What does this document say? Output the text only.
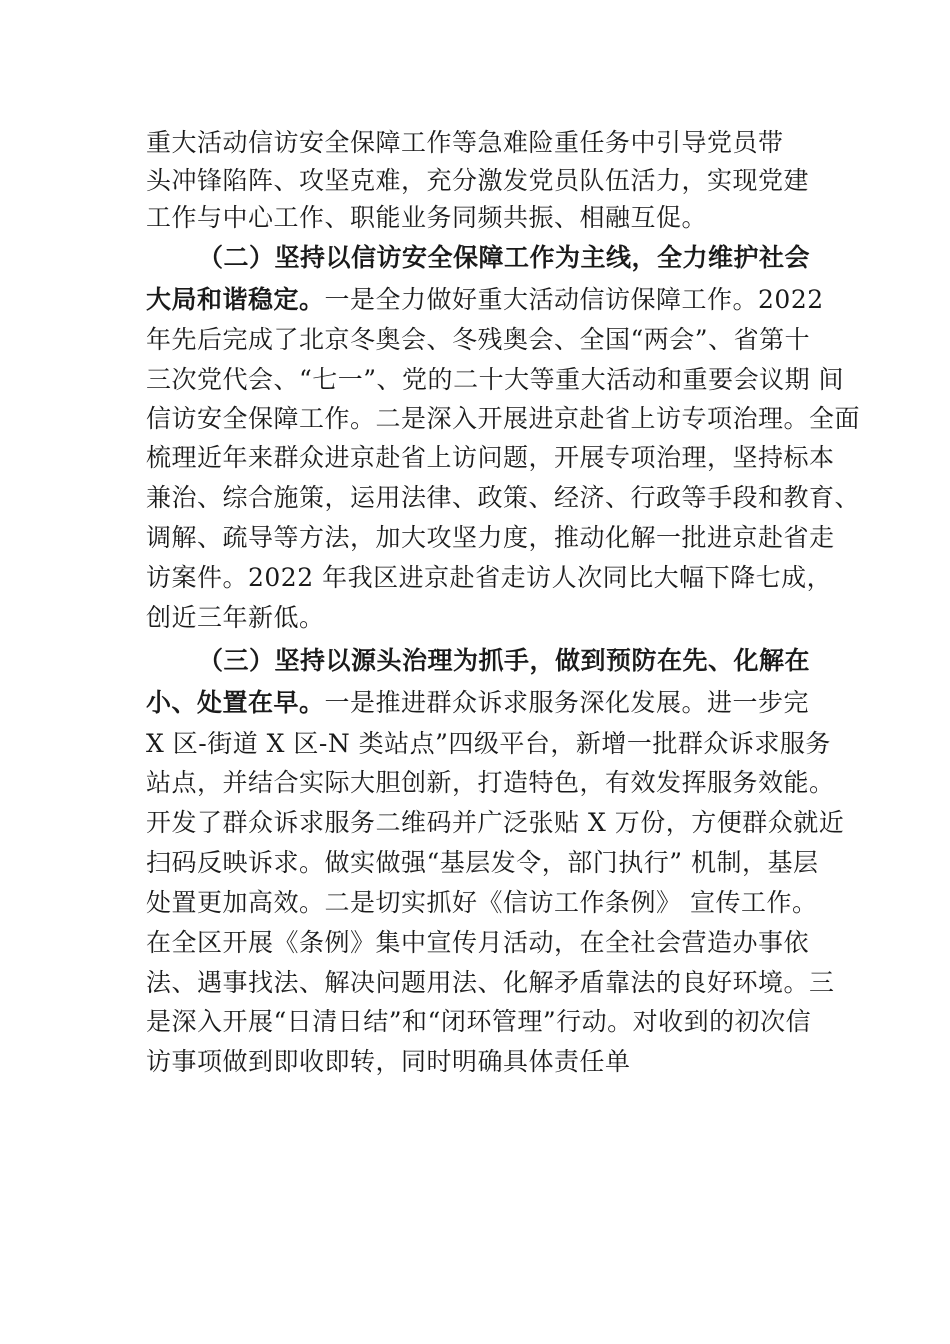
重大活动信访安全保障工作等急难险重任务中引导党员带
头冲锋陷阵、攻坚克难，充分激发党员队伍活力，实现党建
工作与中心工作、职能业务同频共振、相融互促。
（二）坚持以信访安全保障工作为主线，全力维护社会
大局和谐稳定。一是全力做好重大活动信访保障工作。2022
年先后完成了北京冬奥会、冬残奥会、全国“两会”、省第十
三次党代会、“七一”、党的二十大等重大活动和重要会议期 间
信访安全保障工作。二是深入开展进京赴省上访专项治理。全面
梳理近年来群众进京赴省上访问题，开展专项治理，坚持标本
兼治、综合施策，运用法律、政策、经济、行政等手段和教育、
调解、疏导等方法，加大攻坚力度，推动化解一批进京赴省走
访案件。2022 年我区进京赴省走访人次同比大幅下降七成，
创近三年新低。
（三）坚持以源头治理为抓手，做到预防在先、化解在
小、处置在早。一是推进群众诉求服务深化发展。进一步完
X 区-街道 X 区-N 类站点”四级平台，新增一批群众诉求服务
站点，并结合实际大胆创新，打造特色，有效发挥服务效能。
开发了群众诉求服务二维码并广泛张贴 X 万份，方便群众就近
扫码反映诉求。做实做强“基层发令，部门执行” 机制，基层
处置更加高效。二是切实抓好《信访工作条例》 宣传工作。
在全区开展《条例》集中宣传月活动，在全社会营造办事依
法、遇事找法、解决问题用法、化解矛盾靠法的良好环境。三
是深入开展“日清日结”和“闭环管理”行动。对收到的初次信
访事项做到即收即转，同时明确具体责任单
